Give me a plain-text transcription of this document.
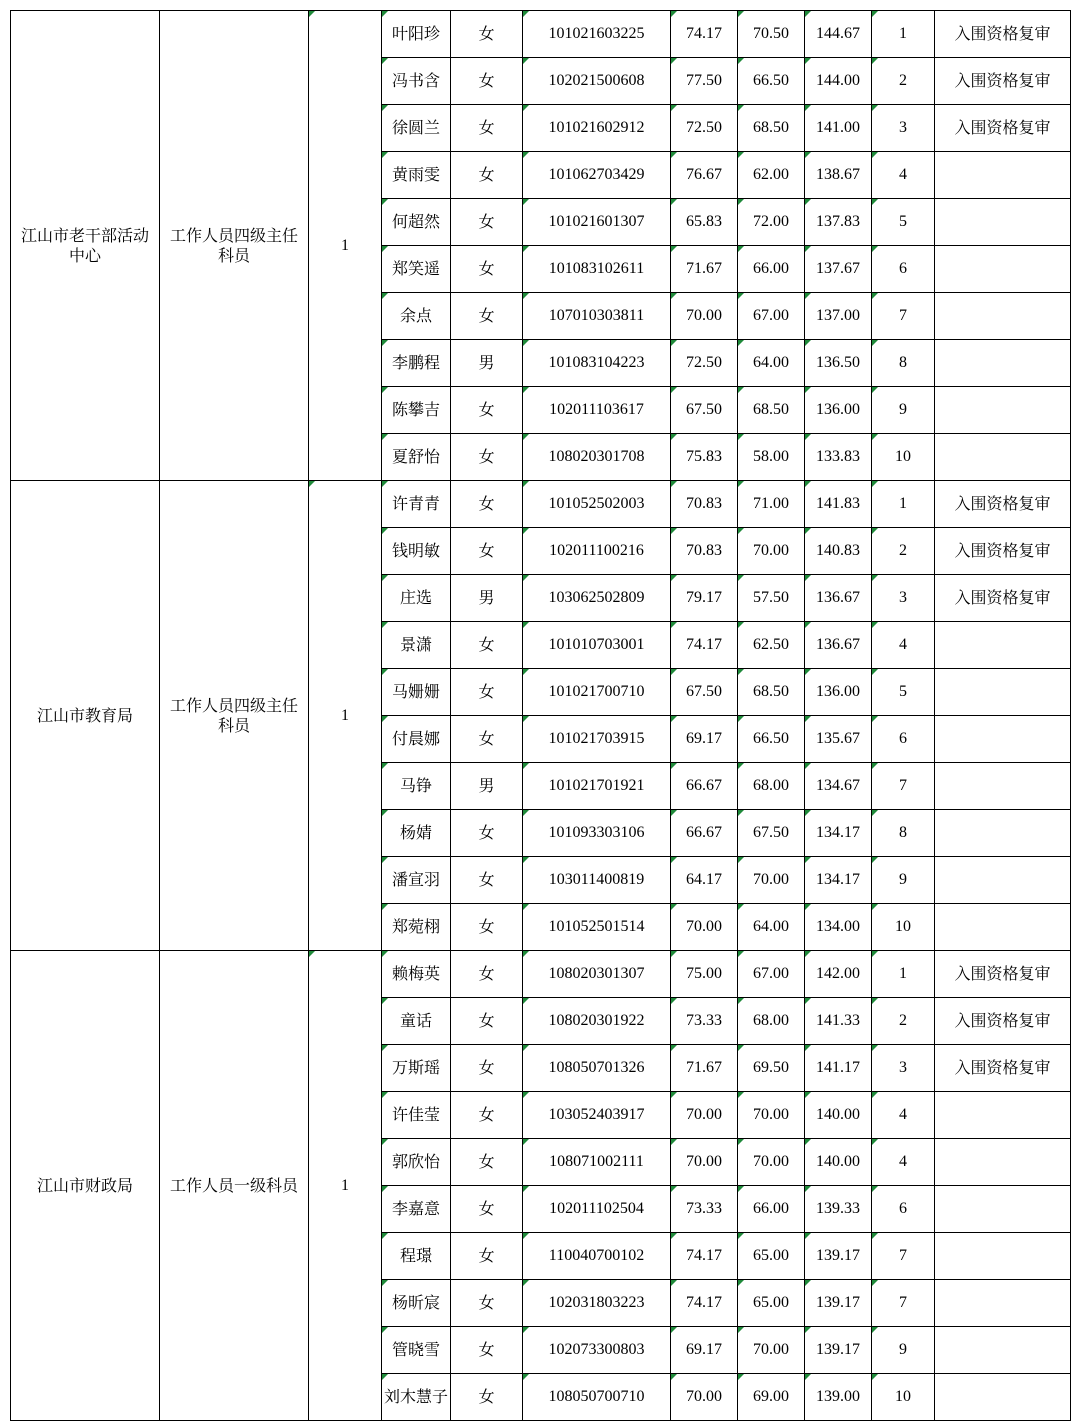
江山市老干部活动中心	工作人员四级主任科员	1	叶阳珍	女	101021603225	74.17	70.50	144.67	1	入围资格复审
			冯书含	女	102021500608	77.50	66.50	144.00	2	入围资格复审
			徐圆兰	女	101021602912	72.50	68.50	141.00	3	入围资格复审
			黄雨雯	女	101062703429	76.67	62.00	138.67	4	
			何超然	女	101021601307	65.83	72.00	137.83	5	
			郑笑遥	女	101083102611	71.67	66.00	137.67	6	
			余点	女	107010303811	70.00	67.00	137.00	7	
			李鹏程	男	101083104223	72.50	64.00	136.50	8	
			陈攀吉	女	102011103617	67.50	68.50	136.00	9	
			夏舒怡	女	108020301708	75.83	58.00	133.83	10	
江山市教育局	工作人员四级主任科员	1	许青青	女	101052502003	70.83	71.00	141.83	1	入围资格复审
			钱明敏	女	102011100216	70.83	70.00	140.83	2	入围资格复审
			庄选	男	103062502809	79.17	57.50	136.67	3	入围资格复审
			景潇	女	101010703001	74.17	62.50	136.67	4	
			马姗姗	女	101021700710	67.50	68.50	136.00	5	
			付晨娜	女	101021703915	69.17	66.50	135.67	6	
			马铮	男	101021701921	66.67	68.00	134.67	7	
			杨婧	女	101093303106	66.67	67.50	134.17	8	
			潘宣羽	女	103011400819	64.17	70.00	134.17	9	
			郑菀栩	女	101052501514	70.00	64.00	134.00	10	
江山市财政局	工作人员一级科员	1	赖梅英	女	108020301307	75.00	67.00	142.00	1	入围资格复审
			童话	女	108020301922	73.33	68.00	141.33	2	入围资格复审
			万斯瑶	女	108050701326	71.67	69.50	141.17	3	入围资格复审
			许佳莹	女	103052403917	70.00	70.00	140.00	4	
			郭欣怡	女	108071002111	70.00	70.00	140.00	4	
			李嘉意	女	102011102504	73.33	66.00	139.33	6	
			程璟	女	110040700102	74.17	65.00	139.17	7	
			杨昕宸	女	102031803223	74.17	65.00	139.17	7	
			管晓雪	女	102073300803	69.17	70.00	139.17	9	
			刘木慧子	女	108050700710	70.00	69.00	139.00	10	
